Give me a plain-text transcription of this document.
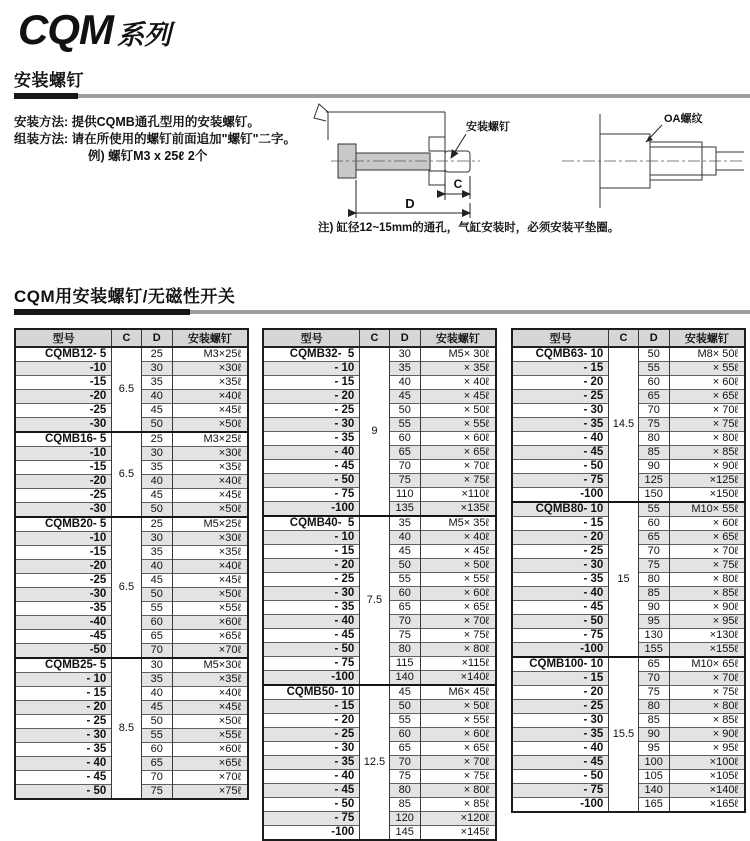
CQM 系列
安装螺钉
安装方法: 提供CQMB通孔型用的安装螺钉。
组装方法: 请在所使用的螺钉前面追加"螺钉"二字。
例) 螺钉M3 x 25ℓ 2个
安装螺钉
C
D
OA螺纹
注) 缸径12~15mm的通孔，气缸安装时，必须安装平垫圈。
CQM用安装螺钉/无磁性开关
型号	C	D	安装螺钉
CQMB12- 5	6.5	25	M3×25ℓ
-10		30	×30ℓ
-15		35	×35ℓ
-20		40	×40ℓ
-25		45	×45ℓ
-30		50	×50ℓ
CQMB16- 5	6.5	25	M3×25ℓ
-10		30	×30ℓ
-15		35	×35ℓ
-20		40	×40ℓ
-25		45	×45ℓ
-30		50	×50ℓ
CQMB20- 5	6.5	25	M5×25ℓ
-10		30	×30ℓ
-15		35	×35ℓ
-20		40	×40ℓ
-25		45	×45ℓ
-30		50	×50ℓ
-35		55	×55ℓ
-40		60	×60ℓ
-45		65	×65ℓ
-50		70	×70ℓ
CQMB25- 5	8.5	30	M5×30ℓ
- 10		35	×35ℓ
- 15		40	×40ℓ
- 20		45	×45ℓ
- 25		50	×50ℓ
- 30		55	×55ℓ
- 35		60	×60ℓ
- 40		65	×65ℓ
- 45		70	×70ℓ
- 50		75	×75ℓ
型号	C	D	安装螺钉
CQMB32-  5	9	30	M5× 30ℓ
- 10		35	× 35ℓ
- 15		40	× 40ℓ
- 20		45	× 45ℓ
- 25		50	× 50ℓ
- 30		55	× 55ℓ
- 35		60	× 60ℓ
- 40		65	× 65ℓ
- 45		70	× 70ℓ
- 50		75	× 75ℓ
- 75		110	×110ℓ
-100		135	×135ℓ
CQMB40-  5	7.5	35	M5× 35ℓ
- 10		40	× 40ℓ
- 15		45	× 45ℓ
- 20		50	× 50ℓ
- 25		55	× 55ℓ
- 30		60	× 60ℓ
- 35		65	× 65ℓ
- 40		70	× 70ℓ
- 45		75	× 75ℓ
- 50		80	× 80ℓ
- 75		115	×115ℓ
-100		140	×140ℓ
CQMB50- 10	12.5	45	M6× 45ℓ
- 15		50	× 50ℓ
- 20		55	× 55ℓ
- 25		60	× 60ℓ
- 30		65	× 65ℓ
- 35		70	× 70ℓ
- 40		75	× 75ℓ
- 45		80	× 80ℓ
- 50		85	× 85ℓ
- 75		120	×120ℓ
-100		145	×145ℓ
型号	C	D	安装螺钉
CQMB63- 10	14.5	50	M8× 50ℓ
- 15		55	× 55ℓ
- 20		60	× 60ℓ
- 25		65	× 65ℓ
- 30		70	× 70ℓ
- 35		75	× 75ℓ
- 40		80	× 80ℓ
- 45		85	× 85ℓ
- 50		90	× 90ℓ
- 75		125	×125ℓ
-100		150	×150ℓ
CQMB80- 10	15	55	M10× 55ℓ
- 15		60	× 60ℓ
- 20		65	× 65ℓ
- 25		70	× 70ℓ
- 30		75	× 75ℓ
- 35		80	× 80ℓ
- 40		85	× 85ℓ
- 45		90	× 90ℓ
- 50		95	× 95ℓ
- 75		130	×130ℓ
-100		155	×155ℓ
CQMB100- 10	15.5	65	M10× 65ℓ
- 15		70	× 70ℓ
- 20		75	× 75ℓ
- 25		80	× 80ℓ
- 30		85	× 85ℓ
- 35		90	× 90ℓ
- 40		95	× 95ℓ
- 45		100	×100ℓ
- 50		105	×105ℓ
- 75		140	×140ℓ
-100		165	×165ℓ
